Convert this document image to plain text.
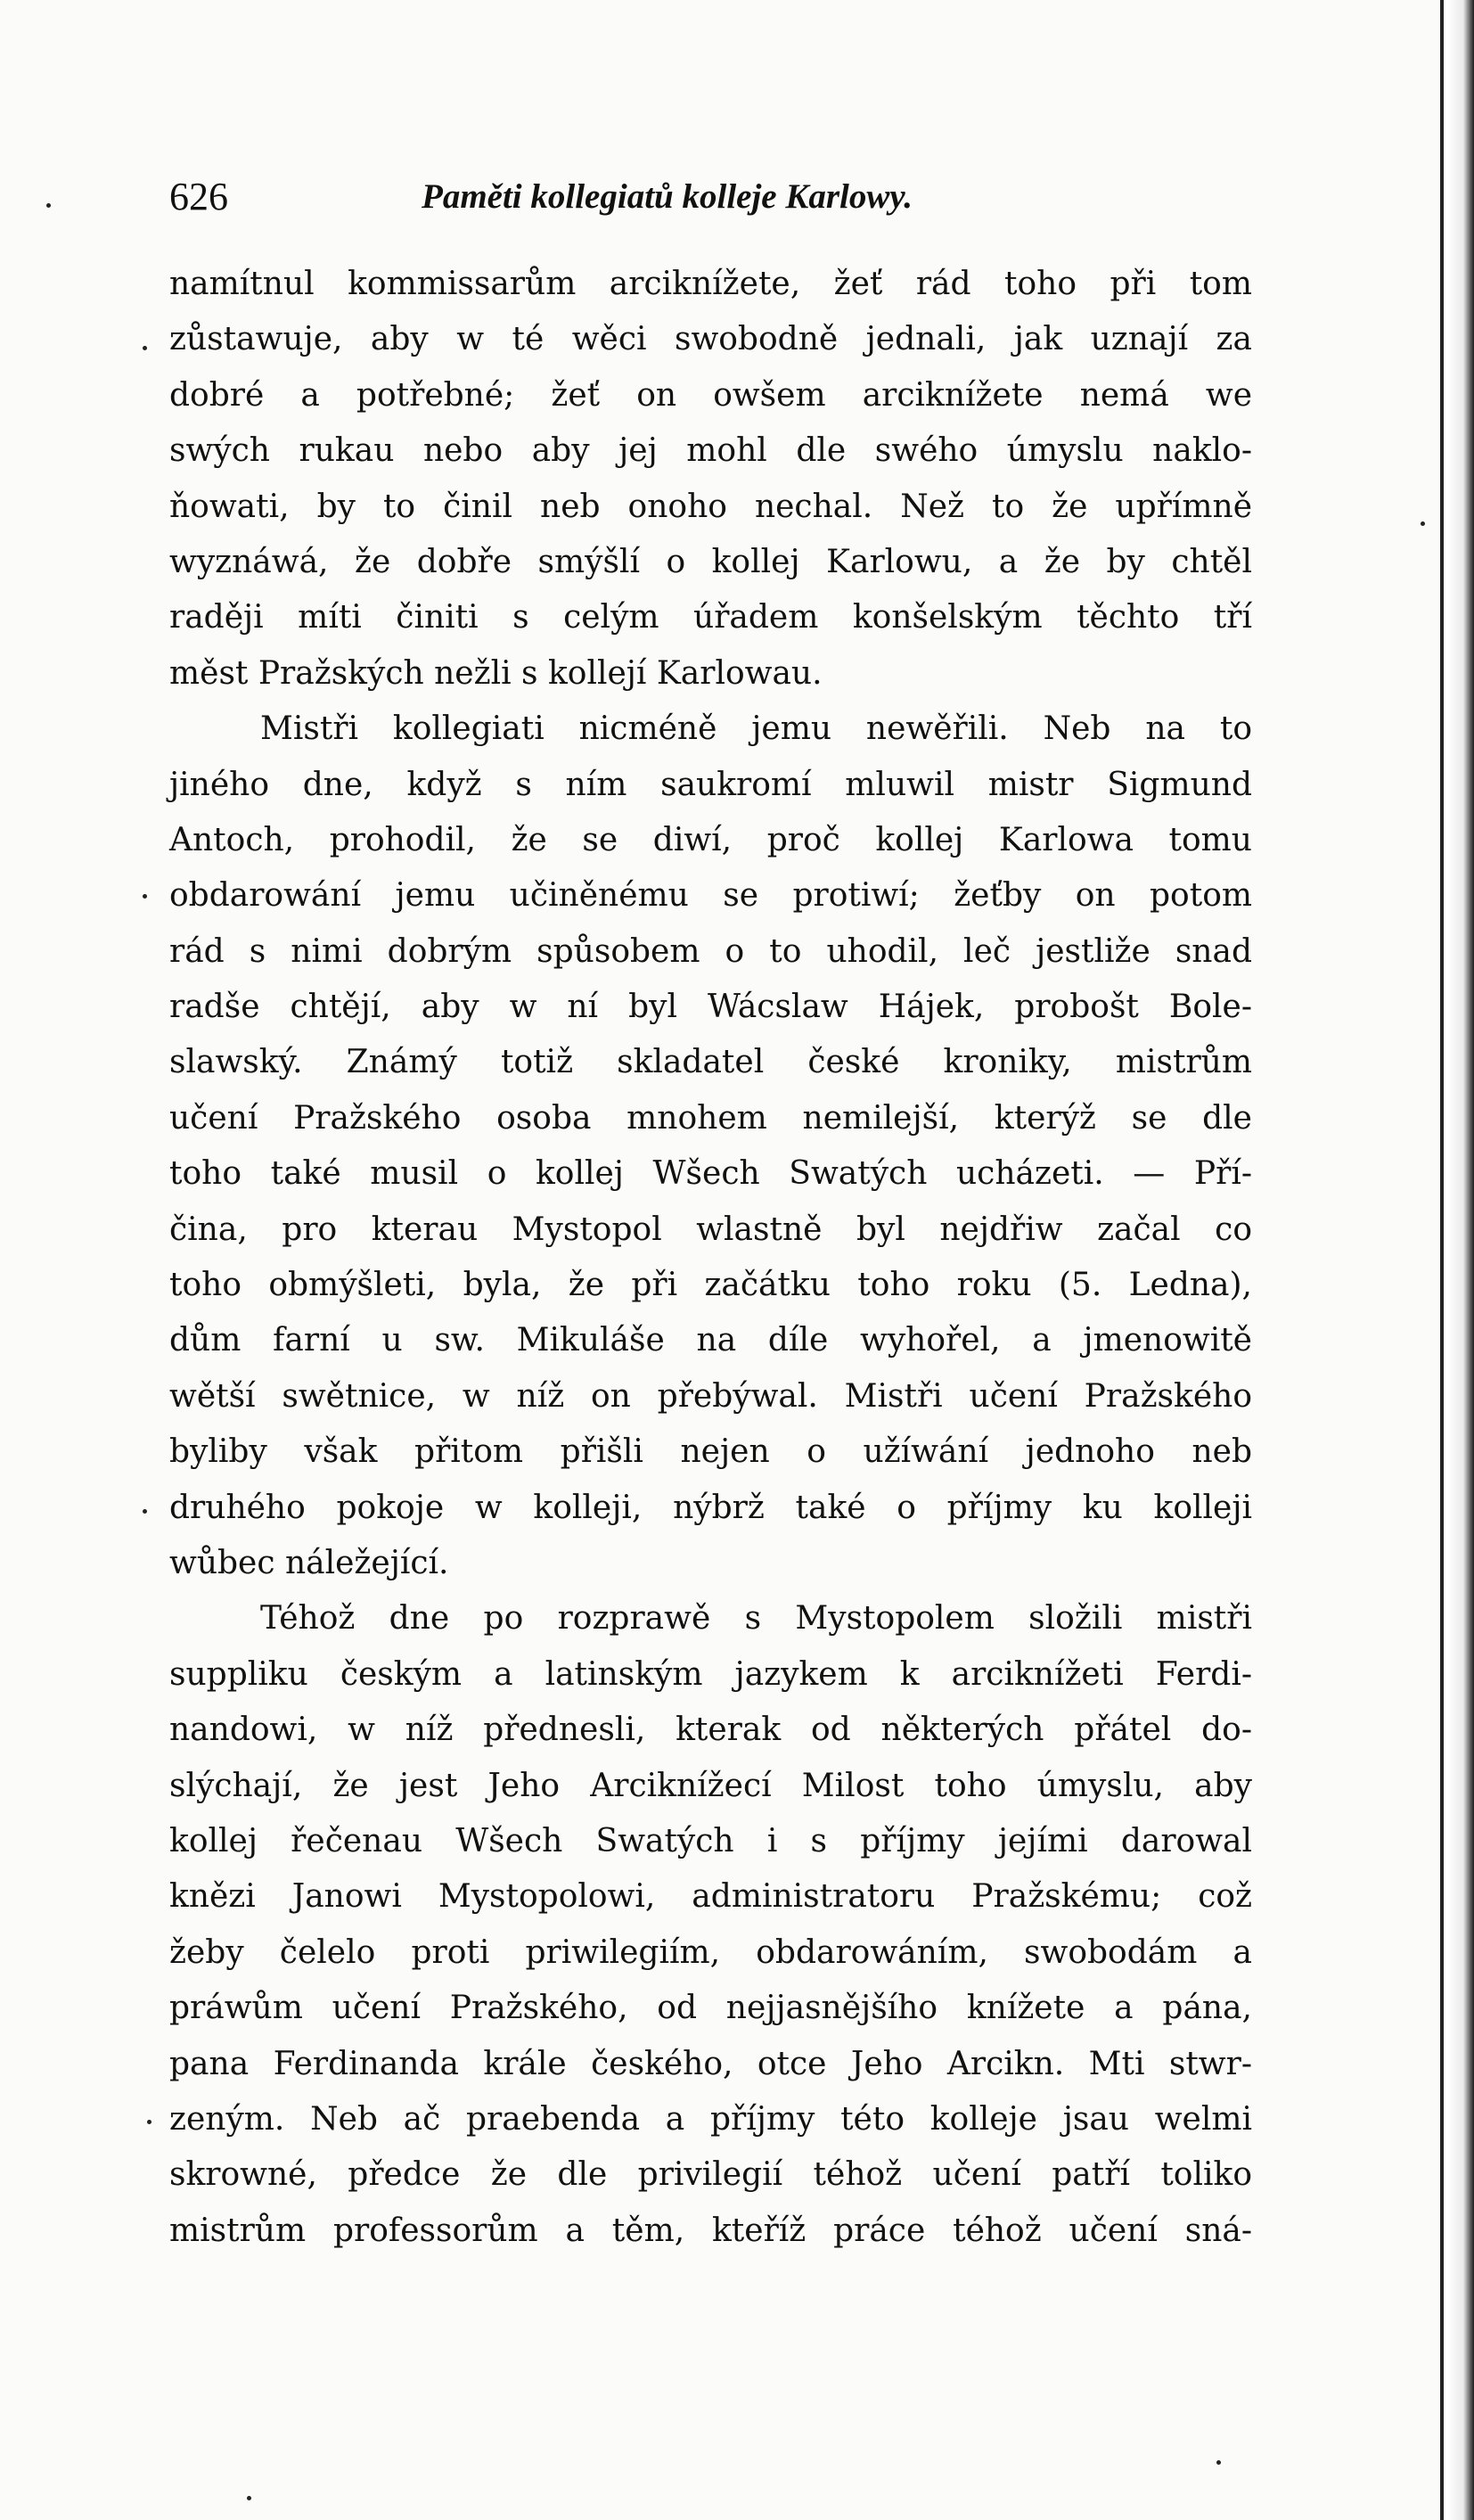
626	Paměti kollegiatů kolleje Karlowy.
namítnul kommissarům arciknížete, žeť rád toho při tom
zůstawuje, aby w té wěci swobodně jednali, jak uznají za
dobré a potřebné; žeť on owšem arciknížete nemá we
swých rukau nebo aby jej mohl dle swého úmyslu naklo-
ňowati, by to činil neb onoho nechal. Než to že upřímně
wyznáwá, že dobře smýšlí o kollej Karlowu, a že by chtěl
raději míti činiti s celým úřadem konšelským těchto tří
měst Pražských nežli s kollejí Karlowau.
Mistři kollegiati nicméně jemu newěřili. Neb na to
jiného dne, když s ním saukromí mluwil mistr Sigmund
Antoch, prohodil, že se diwí, proč kollej Karlowa tomu
obdarowání jemu učiněnému se protiwí; žeťby on potom
rád s nimi dobrým spůsobem o to uhodil, leč jestliže snad
radše chtějí, aby w ní byl Wácslaw Hájek, probošt Bole-
slawský. Známý totiž skladatel české kroniky, mistrům
učení Pražského osoba mnohem nemilejší, kterýž se dle
toho také musil o kollej Wšech Swatých ucházeti. — Pří-
čina, pro kterau Mystopol wlastně byl nejdřiw začal co
toho obmýšleti, byla, že při začátku toho roku (5. Ledna),
dům farní u sw. Mikuláše na díle wyhořel, a jmenowitě
wětší swětnice, w níž on přebýwal. Mistři učení Pražského
byliby však přitom přišli nejen o užíwání jednoho neb
druhého pokoje w kolleji, nýbrž také o příjmy ku kolleji
wůbec náležející.
Téhož dne po rozprawě s Mystopolem složili mistři
suppliku českým a latinským jazykem k arciknížeti Ferdi-
nandowi, w níž přednesli, kterak od některých přátel do-
slýchají, že jest Jeho Arciknížecí Milost toho úmyslu, aby
kollej řečenau Wšech Swatých i s příjmy jejími darowal
knězi Janowi Mystopolowi, administratoru Pražskému; což
žeby čelelo proti priwilegiím, obdarowáním, swobodám a
práwům učení Pražského, od nejjasnějšího knížete a pána,
pana Ferdinanda krále českého, otce Jeho Arcikn. Mti stwr-
zeným. Neb ač praebenda a příjmy této kolleje jsau welmi
skrowné, předce že dle privilegií téhož učení patří toliko
mistrům professorům a těm, kteříž práce téhož učení sná-
